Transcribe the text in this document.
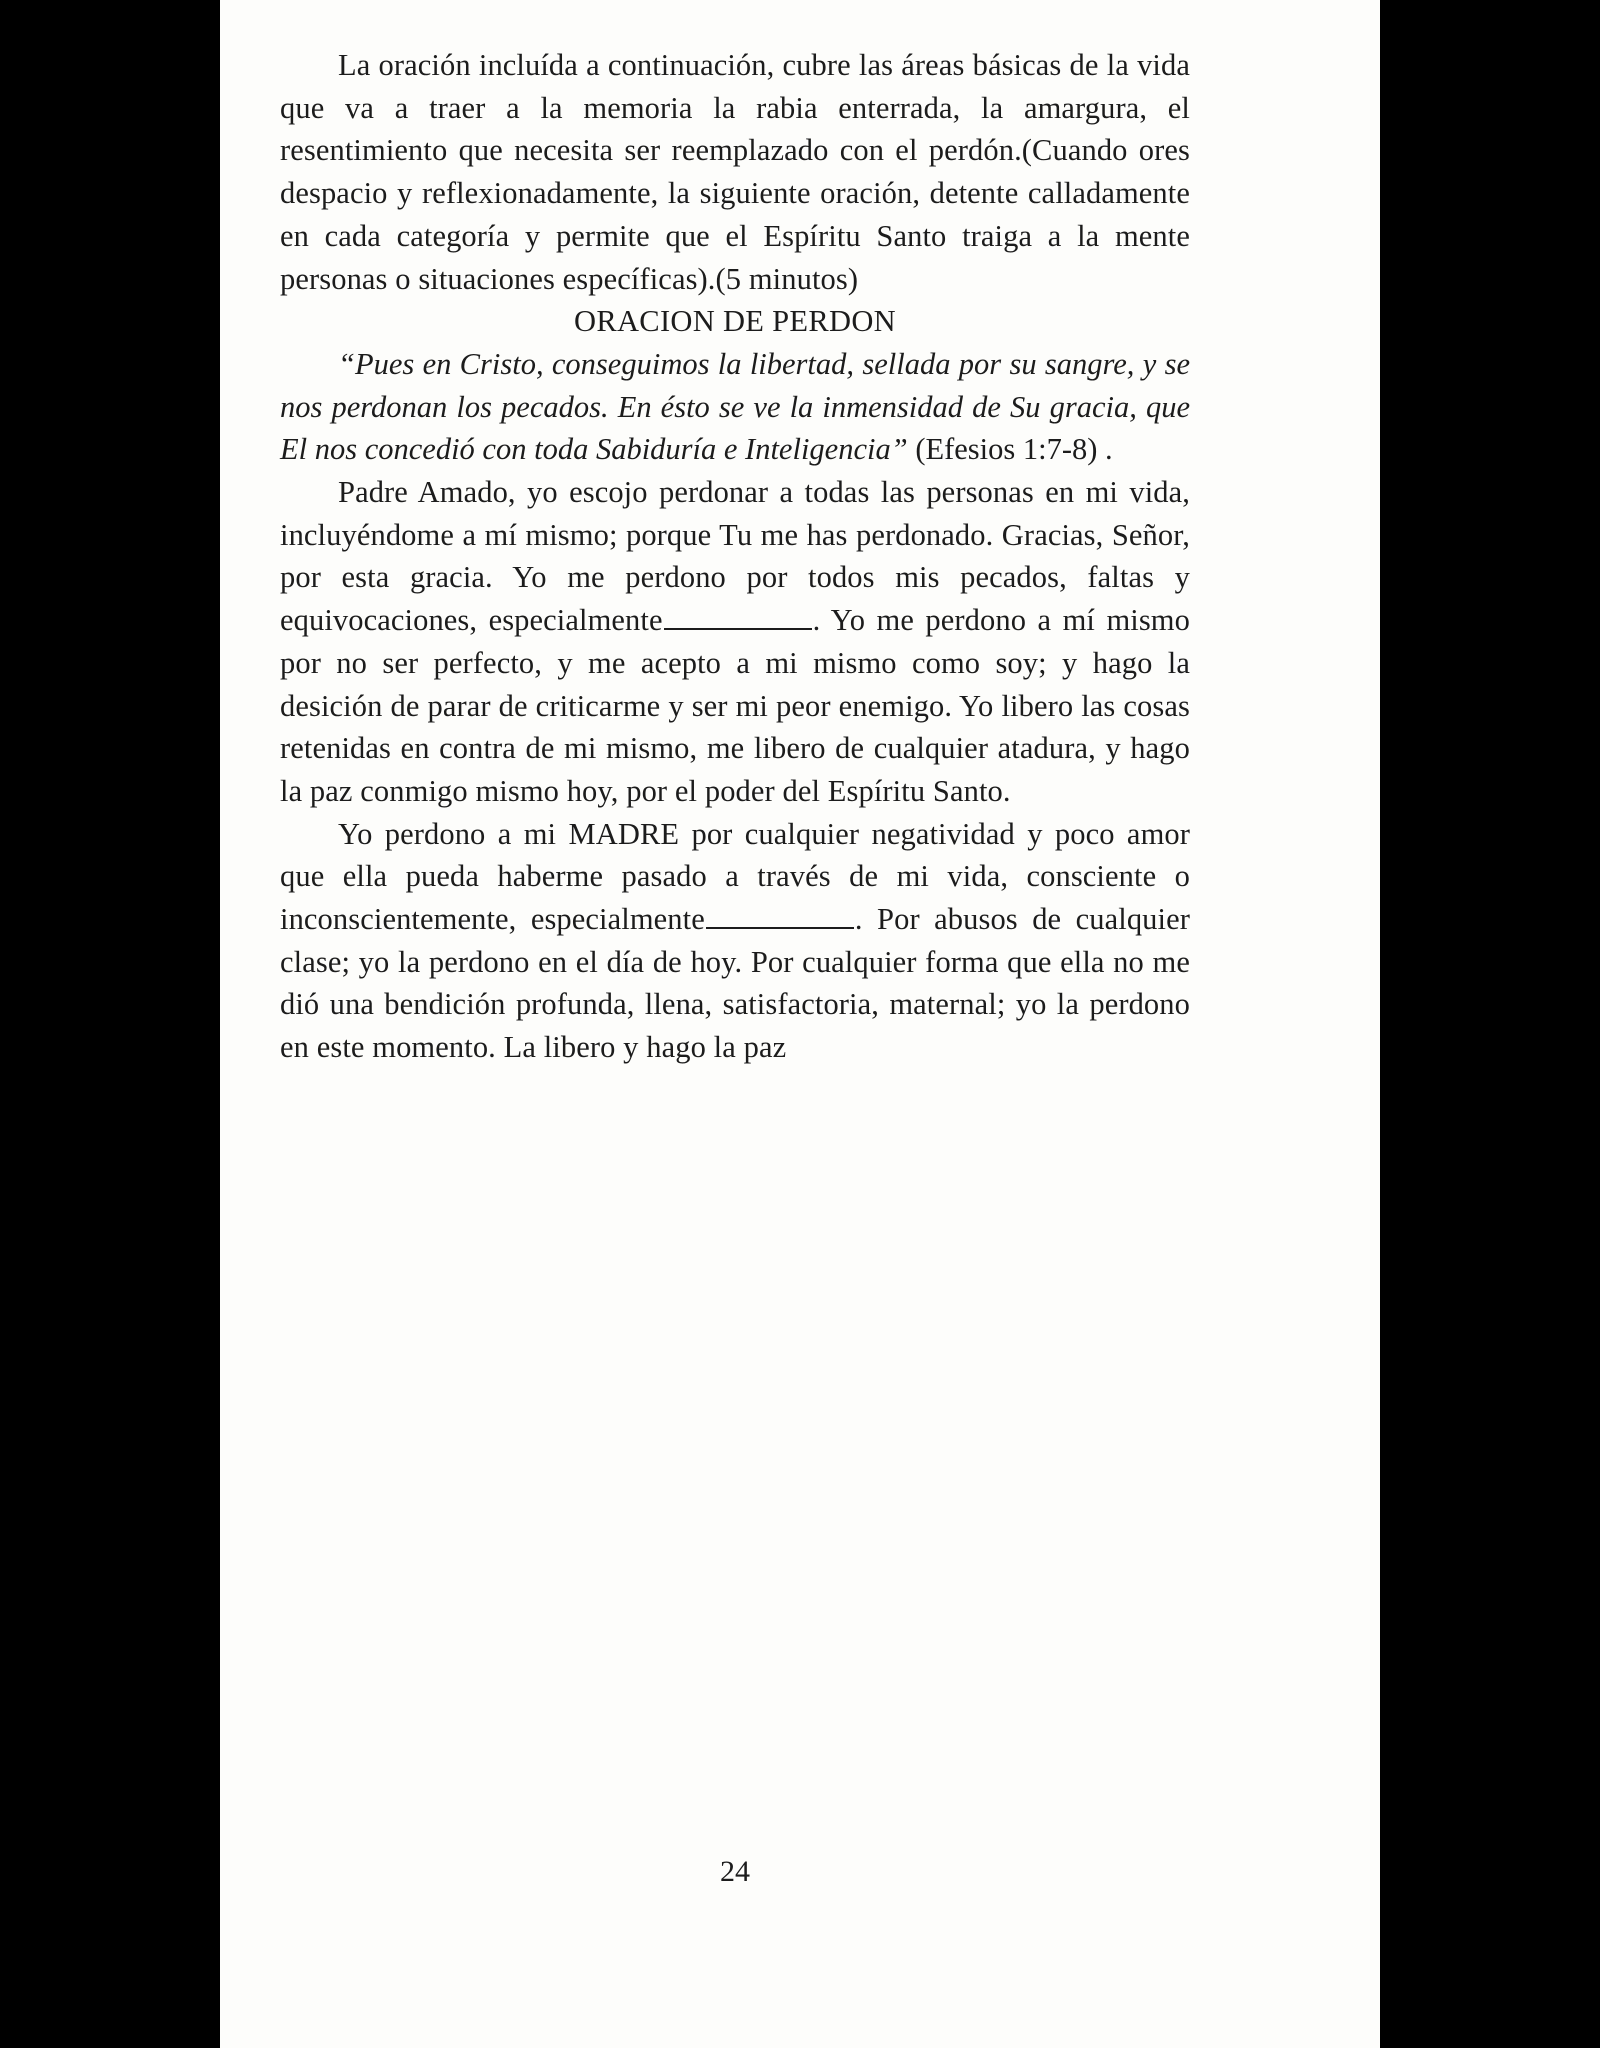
La oración incluída a continuación, cubre las áreas básicas de la vida que va a traer a la memoria la rabia enterrada, la amargura, el resentimiento que necesita ser reemplazado con el perdón.(Cuando ores despacio y reflexionadamente, la siguiente oración, detente calladamente en cada categoría y permite que el Espíritu Santo traiga a la mente personas o situaciones específicas).(5 minutos)

ORACION DE PERDON

“Pues en Cristo, conseguimos la libertad, sellada por su sangre, y se nos perdonan los pecados. En ésto se ve la inmensidad de Su gracia, que El nos concedió con toda Sabiduría e Inteligencia” (Efesios 1:7-8) .

Padre Amado, yo escojo perdonar a todas las personas en mi vida, incluyéndome a mí mismo; porque Tu me has perdonado. Gracias, Señor, por esta gracia. Yo me perdono por todos mis pecados, faltas y equivocaciones, especialmente	. Yo me perdono a mí mismo por no ser perfecto, y me acepto a mi mismo como soy; y hago la desición de parar de criticarme y ser mi peor enemigo. Yo libero las cosas retenidas en contra de mi mismo, me libero de cualquier atadura, y hago la paz conmigo mismo hoy, por el poder del Espíritu Santo.

Yo perdono a mi MADRE por cualquier negatividad y poco amor que ella pueda haberme pasado a través de mi vida, consciente o inconscientemente, especialmente	. Por abusos de cualquier clase; yo la perdono en el día de hoy. Por cualquier forma que ella no me dió una bendición profunda, llena, satisfactoria, maternal; yo la perdono en este momento. La libero y hago la paz

24
